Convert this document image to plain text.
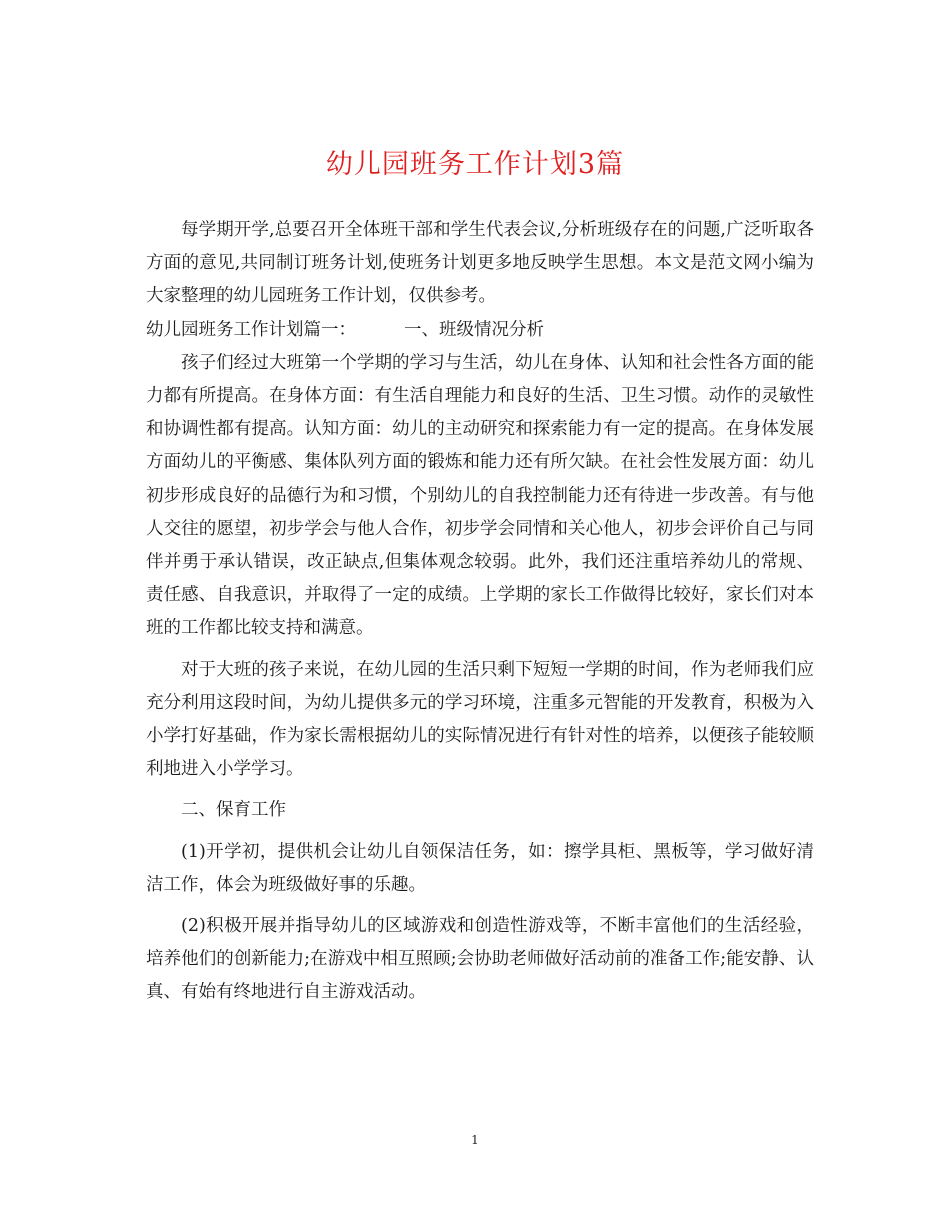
幼儿园班务工作计划3篇

每学期开学,总要召开全体班干部和学生代表会议,分析班级存在的问题,广泛听取各方面的意见,共同制订班务计划,使班务计划更多地反映学生思想。本文是范文网小编为大家整理的幼儿园班务工作计划，仅供参考。

幼儿园班务工作计划篇一：	一、班级情况分析

孩子们经过大班第一个学期的学习与生活，幼儿在身体、认知和社会性各方面的能力都有所提高。在身体方面：有生活自理能力和良好的生活、卫生习惯。动作的灵敏性和协调性都有提高。认知方面：幼儿的主动研究和探索能力有一定的提高。在身体发展方面幼儿的平衡感、集体队列方面的锻炼和能力还有所欠缺。在社会性发展方面：幼儿初步形成良好的品德行为和习惯，个别幼儿的自我控制能力还有待进一步改善。有与他人交往的愿望，初步学会与他人合作，初步学会同情和关心他人，初步会评价自己与同伴并勇于承认错误，改正缺点,但集体观念较弱。此外，我们还注重培养幼儿的常规、责任感、自我意识，并取得了一定的成绩。上学期的家长工作做得比较好，家长们对本班的工作都比较支持和满意。

对于大班的孩子来说，在幼儿园的生活只剩下短短一学期的时间，作为老师我们应充分利用这段时间，为幼儿提供多元的学习环境，注重多元智能的开发教育，积极为入小学打好基础，作为家长需根据幼儿的实际情况进行有针对性的培养，以便孩子能较顺利地进入小学学习。

二、保育工作

(1)开学初，提供机会让幼儿自领保洁任务，如：擦学具柜、黑板等，学习做好清洁工作，体会为班级做好事的乐趣。

(2)积极开展并指导幼儿的区域游戏和创造性游戏等，不断丰富他们的生活经验，培养他们的创新能力;在游戏中相互照顾;会协助老师做好活动前的准备工作;能安静、认真、有始有终地进行自主游戏活动。

1
